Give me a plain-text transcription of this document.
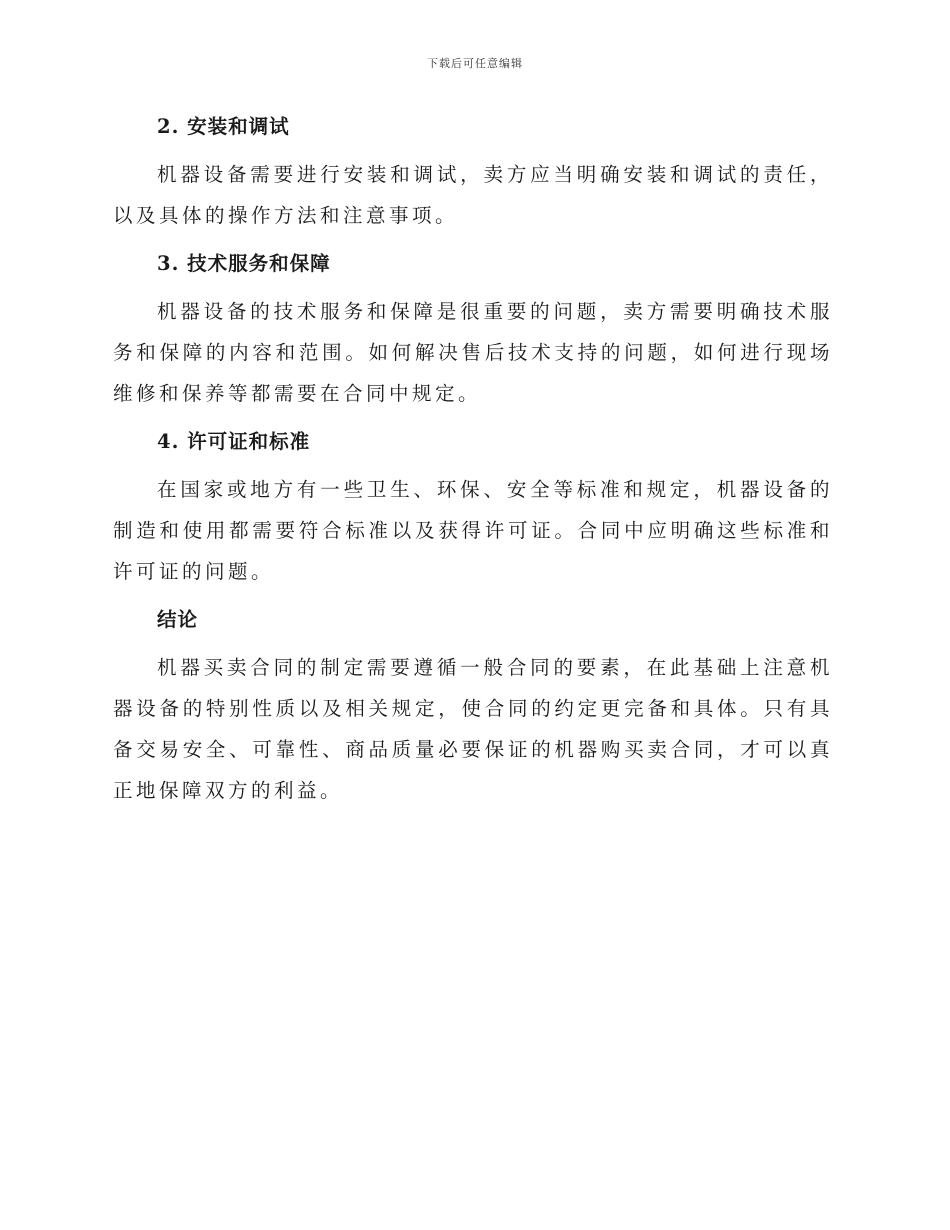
下载后可任意编辑
2. 安装和调试

机器设备需要进行安装和调试，卖方应当明确安装和调试的责任，以及具体的操作方法和注意事项。

3. 技术服务和保障

机器设备的技术服务和保障是很重要的问题，卖方需要明确技术服务和保障的内容和范围。如何解决售后技术支持的问题，如何进行现场维修和保养等都需要在合同中规定。

4. 许可证和标准

在国家或地方有一些卫生、环保、安全等标准和规定，机器设备的制造和使用都需要符合标准以及获得许可证。合同中应明确这些标准和许可证的问题。

结论

机器买卖合同的制定需要遵循一般合同的要素，在此基础上注意机器设备的特别性质以及相关规定，使合同的约定更完备和具体。只有具备交易安全、可靠性、商品质量必要保证的机器购买卖合同，才可以真正地保障双方的利益。
